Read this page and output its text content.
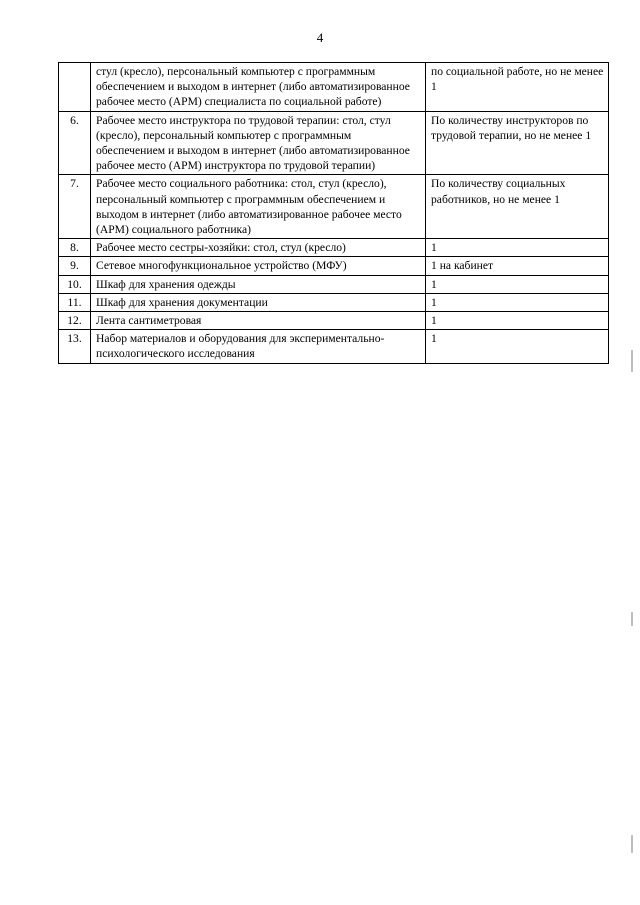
4
	стул (кресло), персональный компьютер с программным обеспечением и выходом в интернет (либо автоматизированное рабочее место (АРМ) специалиста по социальной работе)	по социальной работе, но не менее 1
6.	Рабочее место инструктора по трудовой терапии: стол, стул (кресло), персональный компьютер с программным обеспечением и выходом в интернет (либо автоматизированное рабочее место (АРМ) инструктора по трудовой терапии)	По количеству инструкторов по трудовой терапии, но не менее 1
7.	Рабочее место социального работника: стол, стул (кресло), персональный компьютер с программным обеспечением и выходом в интернет (либо автоматизированное рабочее место (АРМ) социального работника)	По количеству социальных работников, но не менее 1
8.	Рабочее место сестры-хозяйки: стол, стул (кресло)	1
9.	Сетевое многофункциональное устройство (МФУ)	1 на кабинет
10.	Шкаф для хранения одежды	1
11.	Шкаф для хранения документации	1
12.	Лента сантиметровая	1
13.	Набор материалов и оборудования для экспериментально-психологического исследования	1
